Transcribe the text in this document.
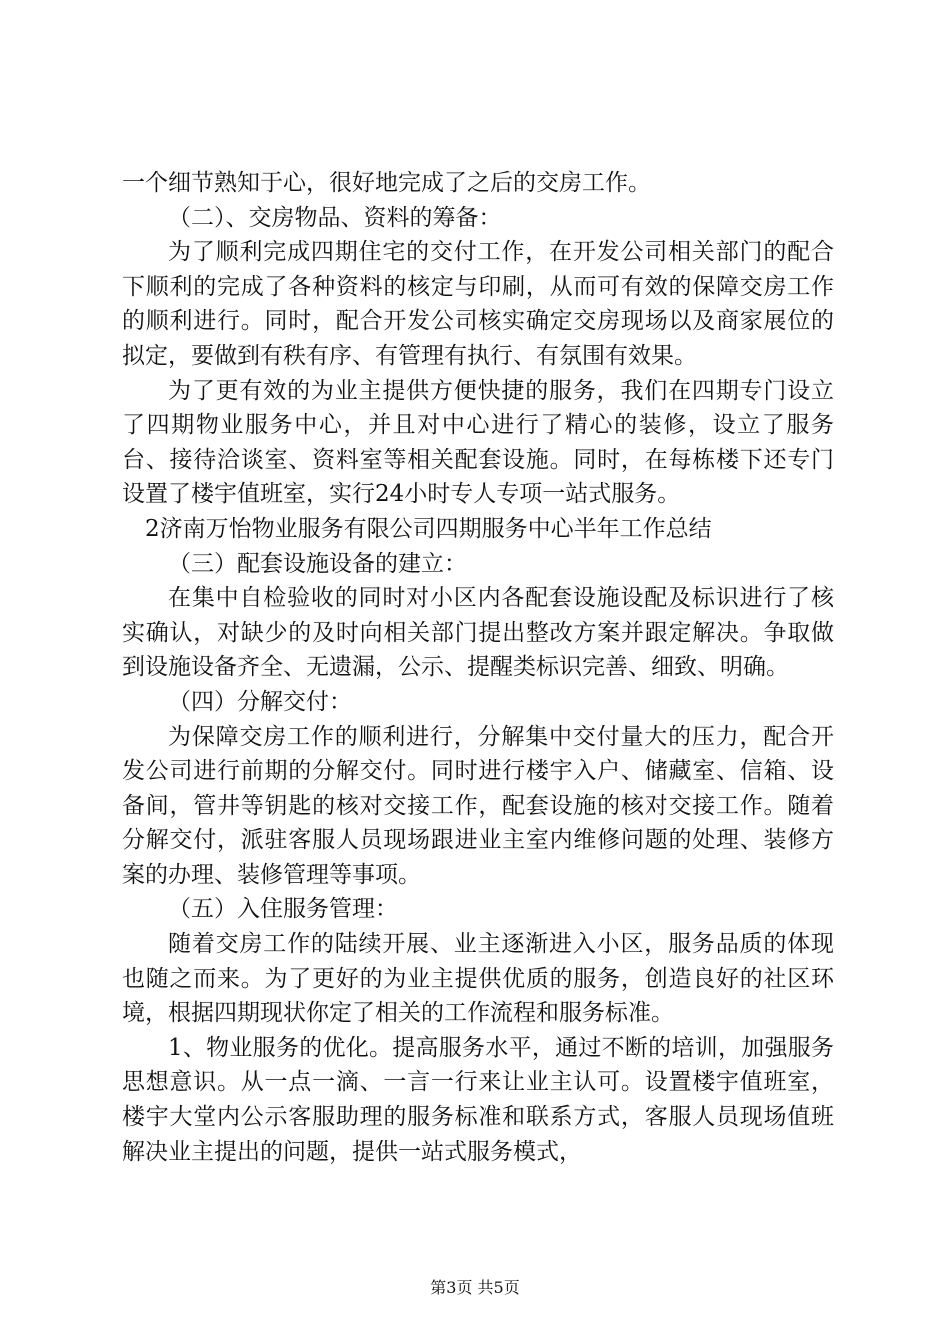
一个细节熟知于心，很好地完成了之后的交房工作。

（二）、交房物品、资料的筹备：

为了顺利完成四期住宅的交付工作，在开发公司相关部门的配合下顺利的完成了各种资料的核定与印刷，从而可有效的保障交房工作的顺利进行。同时，配合开发公司核实确定交房现场以及商家展位的拟定，要做到有秩有序、有管理有执行、有氛围有效果。

为了更有效的为业主提供方便快捷的服务，我们在四期专门设立了四期物业服务中心，并且对中心进行了精心的装修，设立了服务台、接待洽谈室、资料室等相关配套设施。同时，在每栋楼下还专门设置了楼宇值班室，实行24小时专人专项一站式服务。

2济南万怡物业服务有限公司四期服务中心半年工作总结

（三）配套设施设备的建立：

在集中自检验收的同时对小区内各配套设施设配及标识进行了核实确认，对缺少的及时向相关部门提出整改方案并跟定解决。争取做到设施设备齐全、无遗漏，公示、提醒类标识完善、细致、明确。

（四）分解交付：

为保障交房工作的顺利进行，分解集中交付量大的压力，配合开发公司进行前期的分解交付。同时进行楼宇入户、储藏室、信箱、设备间，管井等钥匙的核对交接工作，配套设施的核对交接工作。随着分解交付，派驻客服人员现场跟进业主室内维修问题的处理、装修方案的办理、装修管理等事项。

（五）入住服务管理：

随着交房工作的陆续开展、业主逐渐进入小区，服务品质的体现也随之而来。为了更好的为业主提供优质的服务，创造良好的社区环境，根据四期现状你定了相关的工作流程和服务标准。

1、物业服务的优化。提高服务水平，通过不断的培训，加强服务思想意识。从一点一滴、一言一行来让业主认可。设置楼宇值班室，楼宇大堂内公示客服助理的服务标准和联系方式，客服人员现场值班解决业主提出的问题，提供一站式服务模式，

第3页 共5页
